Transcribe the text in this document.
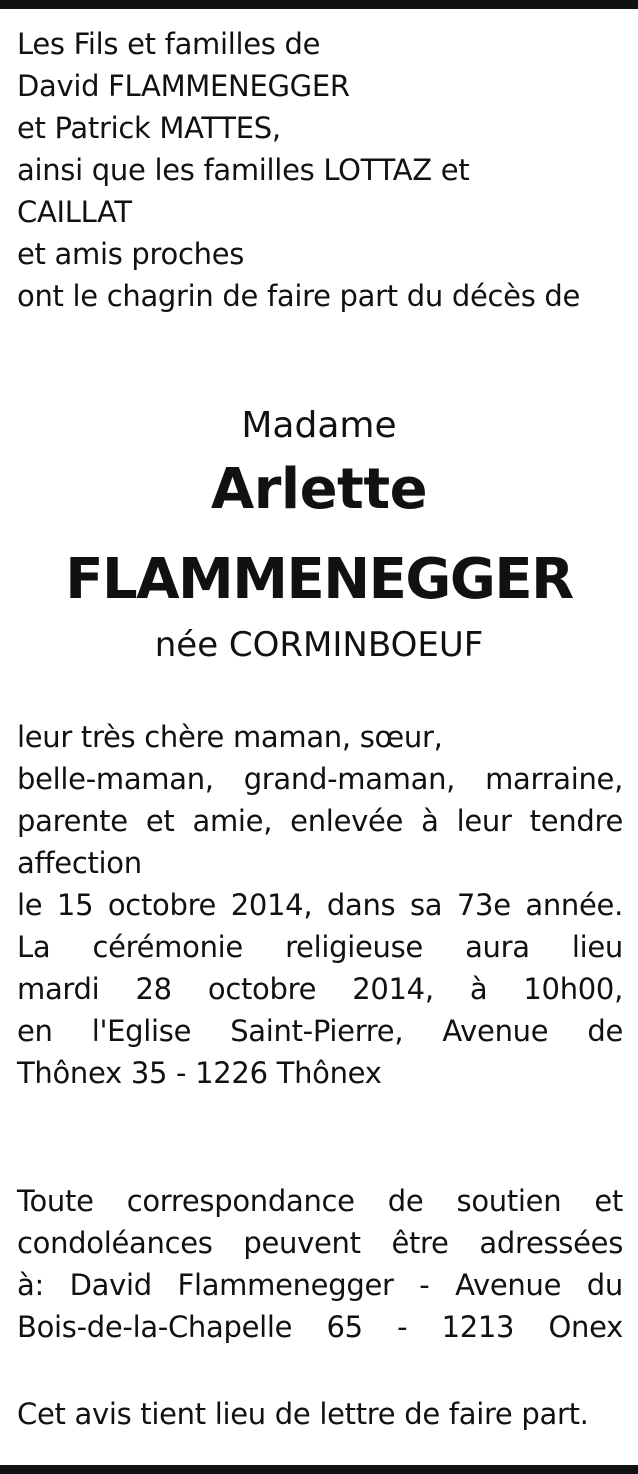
Les Fils et familles de
David FLAMMENEGGER
et Patrick MATTES,
ainsi que les familles LOTTAZ et
CAILLAT
et amis proches
ont le chagrin de faire part du décès de
Madame
Arlette
FLAMMENEGGER
née CORMINBOEUF
leur très chère maman, sœur,
belle-maman, grand-maman, marraine,
parente et amie, enlevée à leur tendre
affection
le 15 octobre 2014, dans sa 73e année.
La cérémonie religieuse aura lieu
mardi 28 octobre 2014, à 10h00,
en l'Eglise Saint-Pierre, Avenue de
Thônex 35 - 1226 Thônex
Toute correspondance de soutien et
condoléances peuvent être adressées
à: David Flammenegger - Avenue du
Bois-de-la-Chapelle 65 - 1213 Onex
Cet avis tient lieu de lettre de faire part.
